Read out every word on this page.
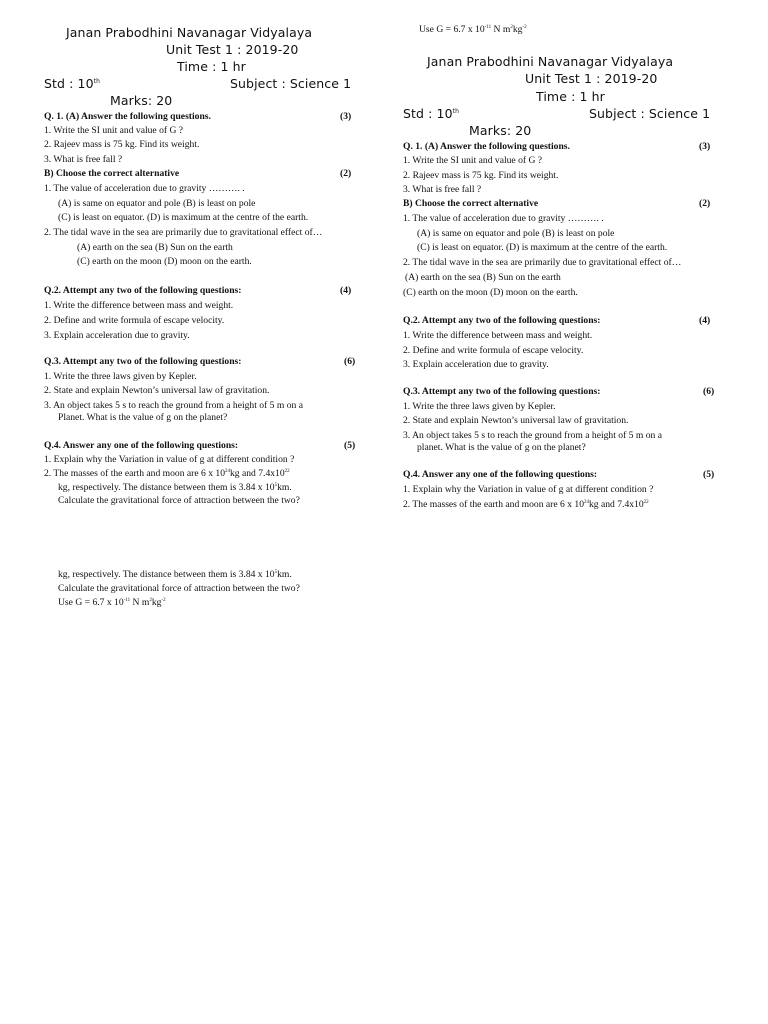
Janan Prabodhini Navanagar Vidyalaya
Unit Test 1 : 2019-20
Time : 1 hr
Std : 10th	Subject : Science 1
Marks: 20
Q. 1. (A) Answer the following questions.	(3)
1. Write the SI unit and value of G ?
2. Rajeev mass is 75 kg. Find its weight.
3. What is free fall ?
B) Choose the correct alternative	(2)
1. The value of acceleration due to gravity ………. .
(A) is same on equator and pole (B) is least on pole
(C) is least on equator. (D) is maximum at the centre of the earth.
2. The tidal wave in the sea are primarily due to gravitational effect of…
(A) earth on the sea (B) Sun on the earth
(C) earth on the moon (D) moon on the earth.
Q.2. Attempt any two of the following questions:	(4)
1. Write the difference between mass and weight.
2. Define and write formula of escape velocity.
3. Explain acceleration due to gravity.
Q.3. Attempt any two of the following questions:	(6)
1. Write the three laws given by Kepler.
2. State and explain Newton’s universal law of gravitation.
3. An object takes 5 s to reach the ground from a height of 5 m on a
Planet. What is the value of g on the planet?
Q.4. Answer any one of the following questions:	(5)
1. Explain why the Variation in value of g at different condition ?
2. The masses of the earth and moon are 6 x $10^{24}kg$ and $7.4x10^{22}$
kg, respectively. The distance between them is 3.84 x $10^5km$.
Calculate the gravitational force of attraction between the two?
kg, respectively. The distance between them is 3.84 x $10^5km$.
Calculate the gravitational force of attraction between the two?
Use G = 6.7 x $10^{-11}$ N $m^2kg^{-2}$
Use G = 6.7 x $10^{-11}$ N $m^2kg^{-2}$
Janan Prabodhini Navanagar Vidyalaya
Unit Test 1 : 2019-20
Time : 1 hr
Std : 10th	Subject : Science 1
Marks: 20
Q. 1. (A) Answer the following questions.	(3)
1. Write the SI unit and value of G ?
2. Rajeev mass is 75 kg. Find its weight.
3. What is free fall ?
B) Choose the correct alternative	(2)
1. The value of acceleration due to gravity ………. .
(A) is same on equator and pole (B) is least on pole
(C) is least on equator. (D) is maximum at the centre of the earth.
2. The tidal wave in the sea are primarily due to gravitational effect of…
(A) earth on the sea (B) Sun on the earth
(C) earth on the moon (D) moon on the earth.
Q.2. Attempt any two of the following questions:	(4)
1. Write the difference between mass and weight.
2. Define and write formula of escape velocity.
3. Explain acceleration due to gravity.
Q.3. Attempt any two of the following questions:	(6)
1. Write the three laws given by Kepler.
2. State and explain Newton’s universal law of gravitation.
3. An object takes 5 s to reach the ground from a height of 5 m on a
planet. What is the value of g on the planet?
Q.4. Answer any one of the following questions:	(5)
1. Explain why the Variation in value of g at different condition ?
2. The masses of the earth and moon are 6 x $10^{24}kg$ and $7.4x10^{22}$
